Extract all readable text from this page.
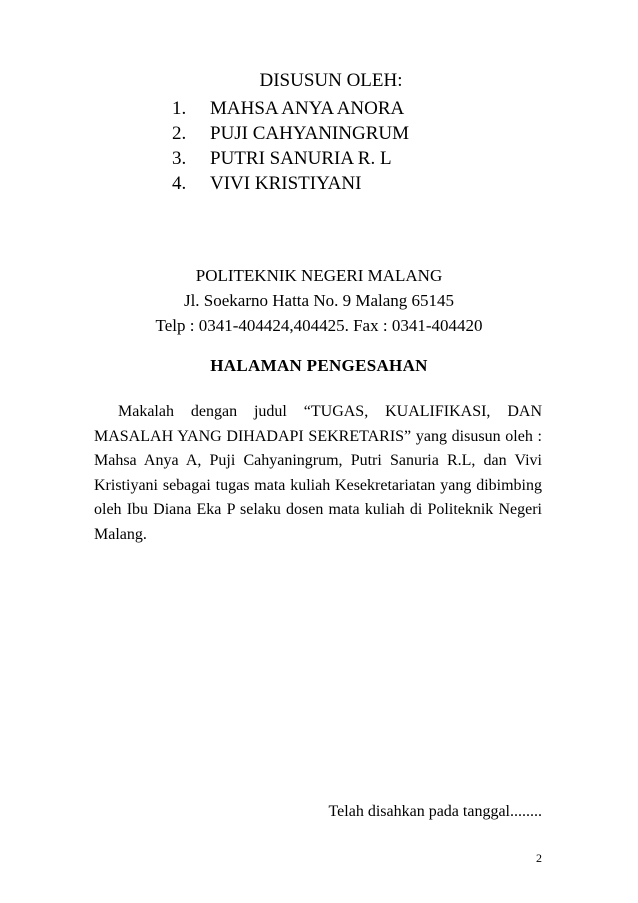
DISUSUN OLEH:
1.	MAHSA ANYA ANORA
2.	PUJI CAHYANINGRUM
3.	PUTRI SANURIA R. L
4.	VIVI KRISTIYANI
POLITEKNIK NEGERI MALANG
Jl. Soekarno Hatta No. 9 Malang 65145
Telp : 0341-404424,404425. Fax : 0341-404420
HALAMAN PENGESAHAN

Makalah dengan judul “TUGAS, KUALIFIKASI, DAN MASALAH YANG DIHADAPI SEKRETARIS” yang disusun oleh : Mahsa Anya A, Puji Cahyaningrum, Putri Sanuria R.L, dan Vivi Kristiyani sebagai tugas mata kuliah Kesekretariatan yang dibimbing oleh Ibu Diana Eka P selaku dosen mata kuliah di Politeknik Negeri Malang.

Telah disahkan pada tanggal........
2
